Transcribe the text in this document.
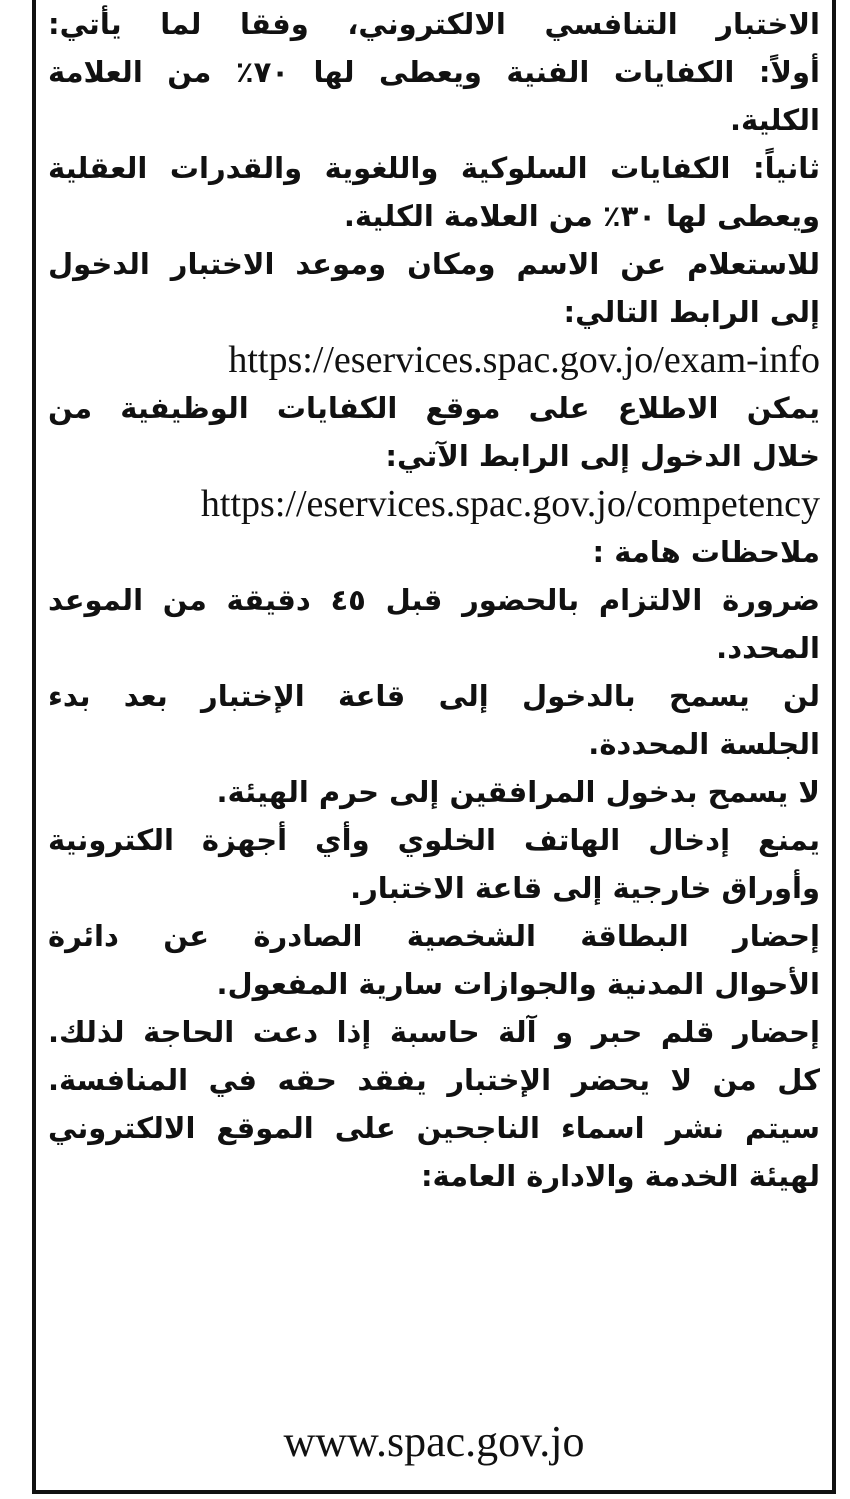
الاختبار التنافسي الالكتروني، وفقا لما يأتي:
أولاً: الكفايات الفنية ويعطى لها ٧٠٪ من العلامة
الكلية.
ثانياً: الكفايات السلوكية واللغوية والقدرات العقلية
ويعطى لها ٣٠٪ من العلامة الكلية.
للاستعلام عن الاسم ومكان وموعد الاختبار الدخول
إلى الرابط التالي:
https://eservices.spac.gov.jo/exam-info
يمكن الاطلاع على موقع الكفايات الوظيفية من
خلال الدخول إلى الرابط الآتي:
https://eservices.spac.gov.jo/competency
ملاحظات هامة :
ضرورة الالتزام بالحضور قبل ٤٥ دقيقة من الموعد
المحدد.
لن يسمح بالدخول إلى قاعة الإختبار بعد بدء
الجلسة المحددة.
لا يسمح بدخول المرافقين إلى حرم الهيئة.
يمنع إدخال الهاتف الخلوي وأي أجهزة الكترونية
وأوراق خارجية إلى قاعة الاختبار.
إحضار البطاقة الشخصية الصادرة عن دائرة
الأحوال المدنية والجوازات سارية المفعول.
إحضار قلم حبر و آلة حاسبة إذا دعت الحاجة لذلك.
كل من لا يحضر الإختبار يفقد حقه في المنافسة.
سيتم نشر اسماء الناجحين على الموقع الالكتروني
لهيئة الخدمة والادارة العامة:
www.spac.gov.jo
